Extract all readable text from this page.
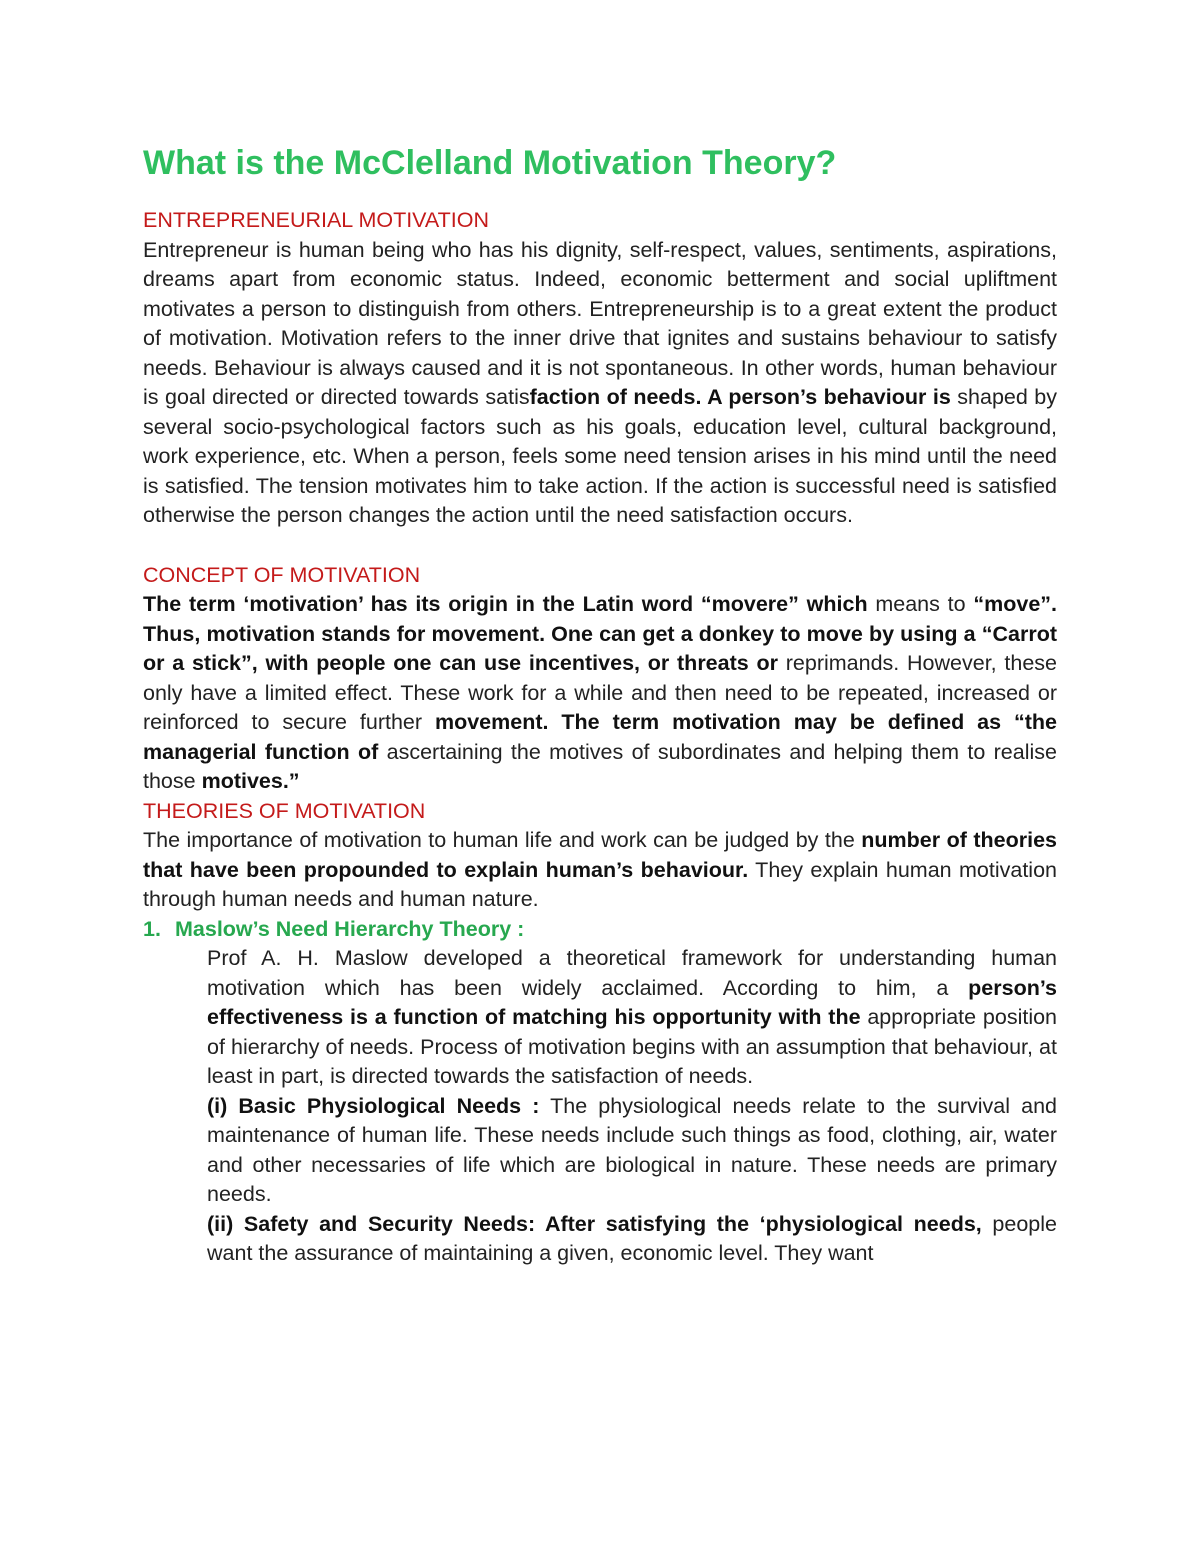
What is the McClelland Motivation Theory?

ENTREPRENEURIAL MOTIVATION

Entrepreneur is human being who has his dignity, self-respect, values, sentiments, aspirations, dreams apart from economic status. Indeed, economic betterment and social upliftment motivates a person to distinguish from others. Entrepreneurship is to a great extent the product of motivation. Motivation refers to the inner drive that ignites and sustains behaviour to satisfy needs. Behaviour is always caused and it is not spontaneous. In other words, human behaviour is goal directed or directed towards satisfaction of needs. A person’s behaviour is shaped by several socio-psychological factors such as his goals, education level, cultural background, work experience, etc. When a person, feels some need tension arises in his mind until the need is satisfied. The tension motivates him to take action. If the action is successful need is satisfied otherwise the person changes the action until the need satisfaction occurs.

CONCEPT OF MOTIVATION

The term ‘motivation’ has its origin in the Latin word “movere” which means to “move”. Thus, motivation stands for movement. One can get a donkey to move by using a “Carrot or a stick”, with people one can use incentives, or threats or reprimands. However, these only have a limited effect. These work for a while and then need to be repeated, increased or reinforced to secure further movement. The term motivation may be defined as “the managerial function of ascertaining the motives of subordinates and helping them to realise those motives.”

THEORIES OF MOTIVATION

The importance of motivation to human life and work can be judged by the number of theories that have been propounded to explain human’s behaviour. They explain human motivation through human needs and human nature.

1. Maslow’s Need Hierarchy Theory :

Prof A. H. Maslow developed a theoretical framework for understanding human motivation which has been widely acclaimed. According to him, a person’s effectiveness is a function of matching his opportunity with the appropriate position of hierarchy of needs. Process of motivation begins with an assumption that behaviour, at least in part, is directed towards the satisfaction of needs.

(i) Basic Physiological Needs : The physiological needs relate to the survival and maintenance of human life. These needs include such things as food, clothing, air, water and other necessaries of life which are biological in nature. These needs are primary needs.

(ii) Safety and Security Needs: After satisfying the ‘physiological needs, people want the assurance of maintaining a given, economic level. They want
